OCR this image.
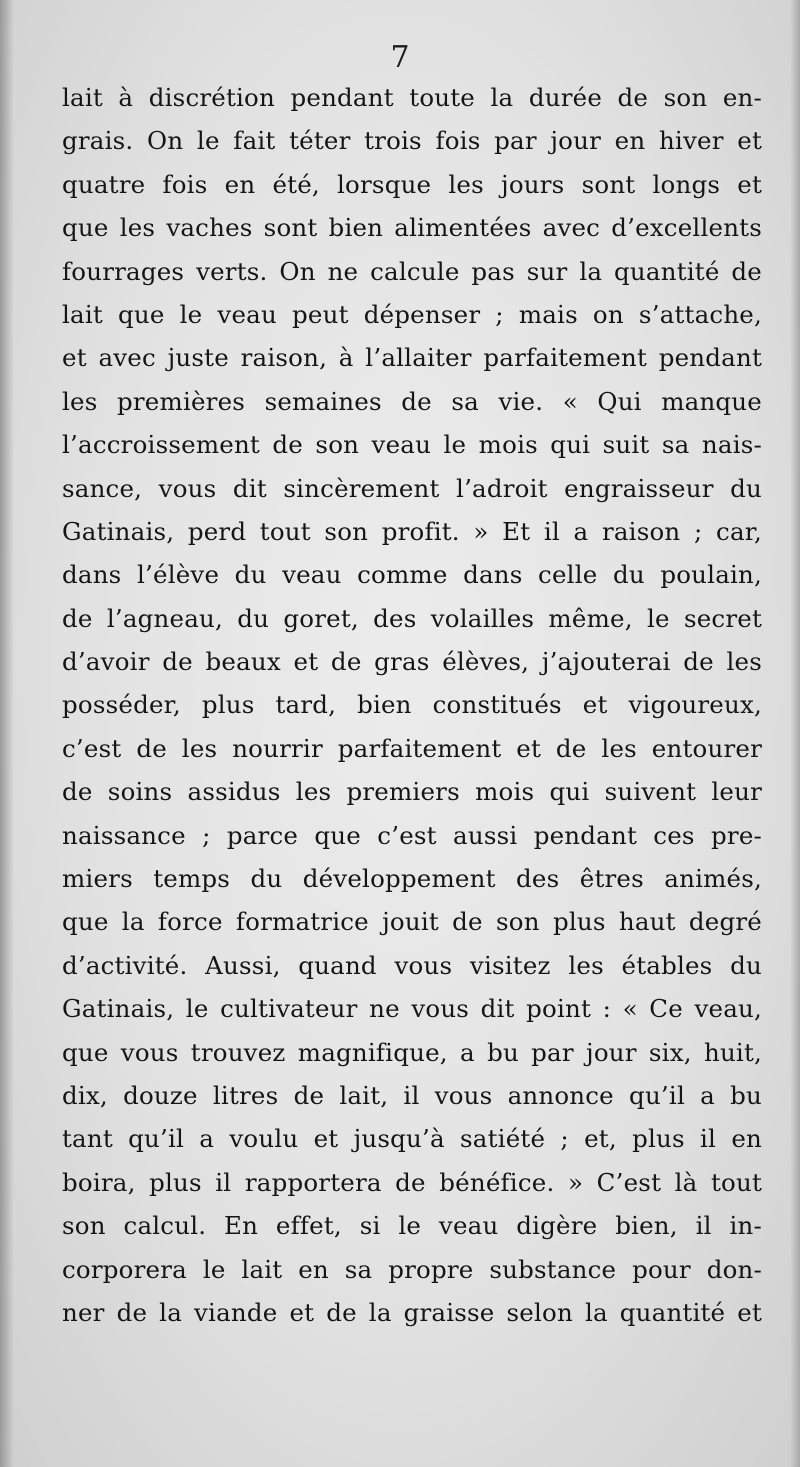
7

lait à discrétion pendant toute la durée de son en-
grais. On le fait téter trois fois par jour en hiver et
quatre fois en été, lorsque les jours sont longs et
que les vaches sont bien alimentées avec d’excellents
fourrages verts. On ne calcule pas sur la quantité de
lait que le veau peut dépenser ; mais on s’attache,
et avec juste raison, à l’allaiter parfaitement pendant
les premières semaines de sa vie. « Qui manque
l’accroissement de son veau le mois qui suit sa nais-
sance, vous dit sincèrement l’adroit engraisseur du
Gatinais, perd tout son profit. » Et il a raison ; car,
dans l’élève du veau comme dans celle du poulain,
de l’agneau, du goret, des volailles même, le secret
d’avoir de beaux et de gras élèves, j’ajouterai de les
posséder, plus tard, bien constitués et vigoureux,
c’est de les nourrir parfaitement et de les entourer
de soins assidus les premiers mois qui suivent leur
naissance ; parce que c’est aussi pendant ces pre-
miers temps du développement des êtres animés,
que la force formatrice jouit de son plus haut degré
d’activité. Aussi, quand vous visitez les étables du
Gatinais, le cultivateur ne vous dit point : « Ce veau,
que vous trouvez magnifique, a bu par jour six, huit,
dix, douze litres de lait, il vous annonce qu’il a bu
tant qu’il a voulu et jusqu’à satiété ; et, plus il en
boira, plus il rapportera de bénéfice. » C’est là tout
son calcul. En effet, si le veau digère bien, il in-
corporera le lait en sa propre substance pour don-
ner de la viande et de la graisse selon la quantité et
